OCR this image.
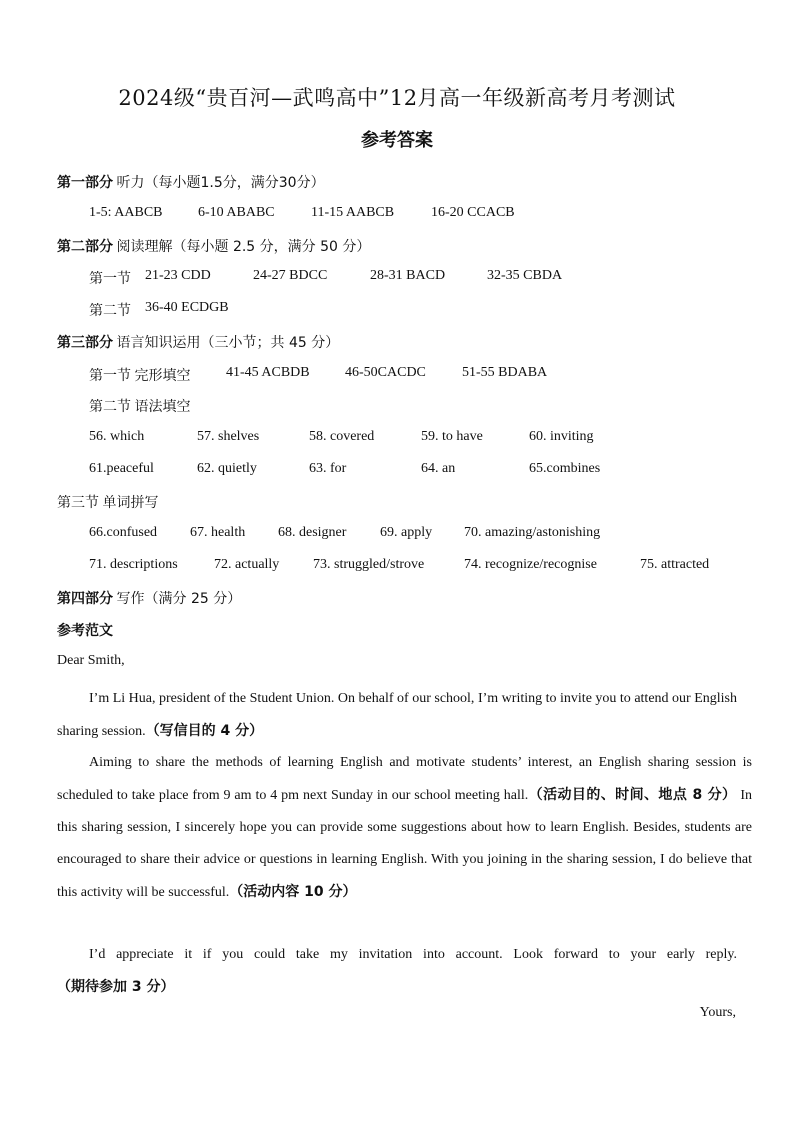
2024级“贵百河—武鸣高中”12月高一年级新高考月考测试
参考答案
第一部分 听力（每小题1.5分，满分30分）
1-5: AABCB	6-10 ABABC	11-15 AABCB	16-20 CCACB
第二部分 阅读理解（每小题 2.5 分，满分 50 分）
第一节 21-23 CDD	24-27 BDCC	28-31 BACD	32-35 CBDA
第二节 36-40 ECDGB
第三部分 语言知识运用（三小节；共 45 分）
第一节 完形填空	41-45 ACBDB	46-50CACDC	51-55 BDABA
第二节 语法填空
56. which	57. shelves	58. covered	59. to have	60. inviting
61.peaceful	62. quietly	63. for	64. an	65.combines
第三节 单词拼写
66.confused 67. health 68. designer 69. apply 70. amazing/astonishing
71. descriptions	72. actually 73. struggled/strove	74. recognize/recognise	75. attracted
第四部分 写作（满分 25 分）
参考范文
Dear Smith,
I’m Li Hua, president of the Student Union. On behalf of our school, I’m writing to invite you to attend our English sharing session.（写信目的 4 分）
Aiming to share the methods of learning English and motivate students’ interest, an English sharing session is scheduled to take place from 9 am to 4 pm next Sunday in our school meeting hall.（活动目的、时间、地点 8 分） In this sharing session, I sincerely hope you can provide some suggestions about how to learn English. Besides, students are encouraged to share their advice or questions in learning English. With you joining in the sharing session, I do believe that this activity will be successful.（活动内容 10 分）
I’d appreciate it if you could take my invitation into account. Look forward to your early reply.（期待参加 3 分）
Yours,
